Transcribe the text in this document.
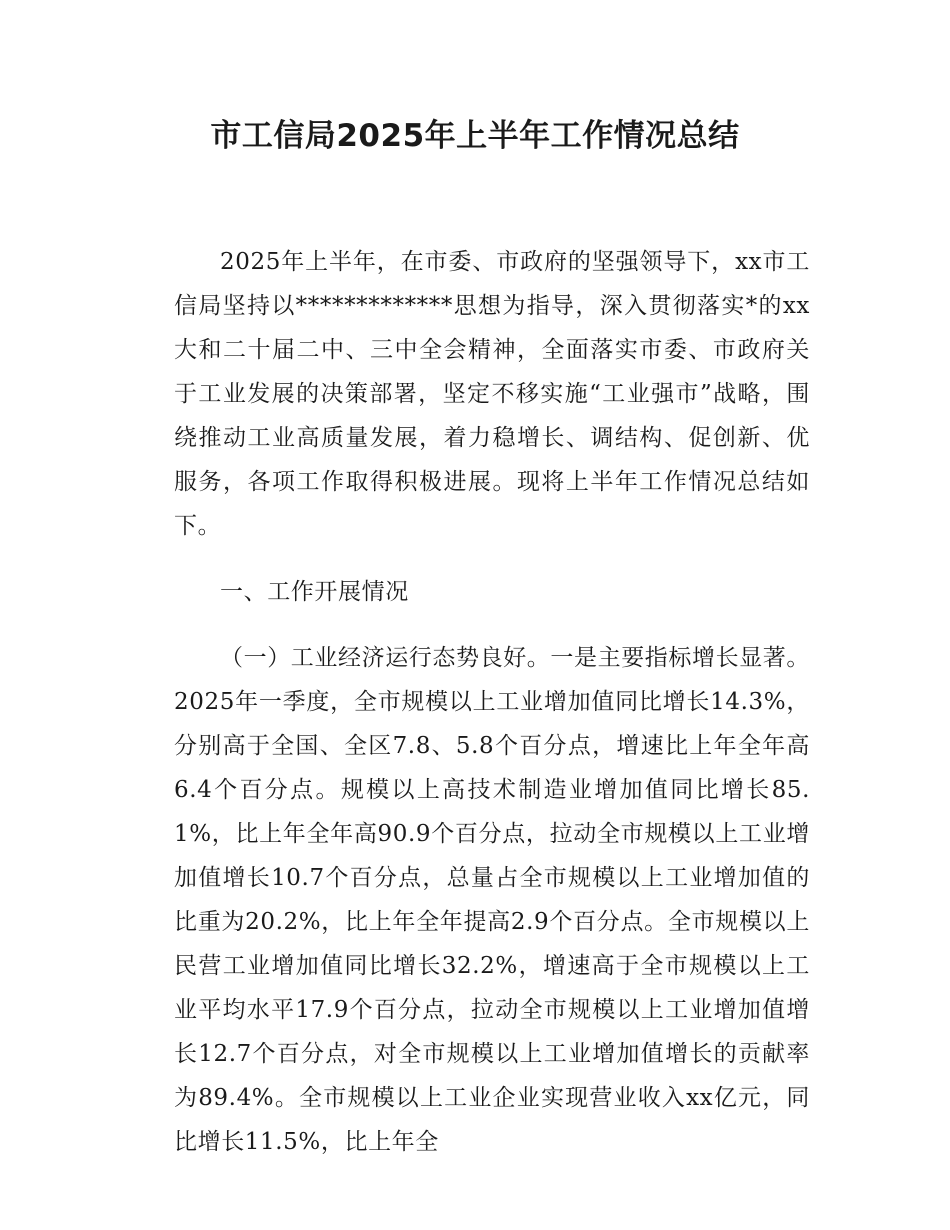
市工信局2025年上半年工作情况总结

2025年上半年，在市委、市政府的坚强领导下，xx市工信局坚持以*************思想为指导，深入贯彻落实*的xx大和二十届二中、三中全会精神，全面落实市委、市政府关于工业发展的决策部署，坚定不移实施“工业强市”战略，围绕推动工业高质量发展，着力稳增长、调结构、促创新、优服务，各项工作取得积极进展。现将上半年工作情况总结如下。

一、工作开展情况

（一）工业经济运行态势良好。一是主要指标增长显著。2025年一季度，全市规模以上工业增加值同比增长14.3%，分别高于全国、全区7.8、5.8个百分点，增速比上年全年高6.4个百分点。规模以上高技术制造业增加值同比增长85.1%，比上年全年高90.9个百分点，拉动全市规模以上工业增加值增长10.7个百分点，总量占全市规模以上工业增加值的比重为20.2%，比上年全年提高2.9个百分点。全市规模以上民营工业增加值同比增长32.2%，增速高于全市规模以上工业平均水平17.9个百分点，拉动全市规模以上工业增加值增长12.7个百分点，对全市规模以上工业增加值增长的贡献率为89.4%。全市规模以上工业企业实现营业收入xx亿元，同比增长11.5%，比上年全
